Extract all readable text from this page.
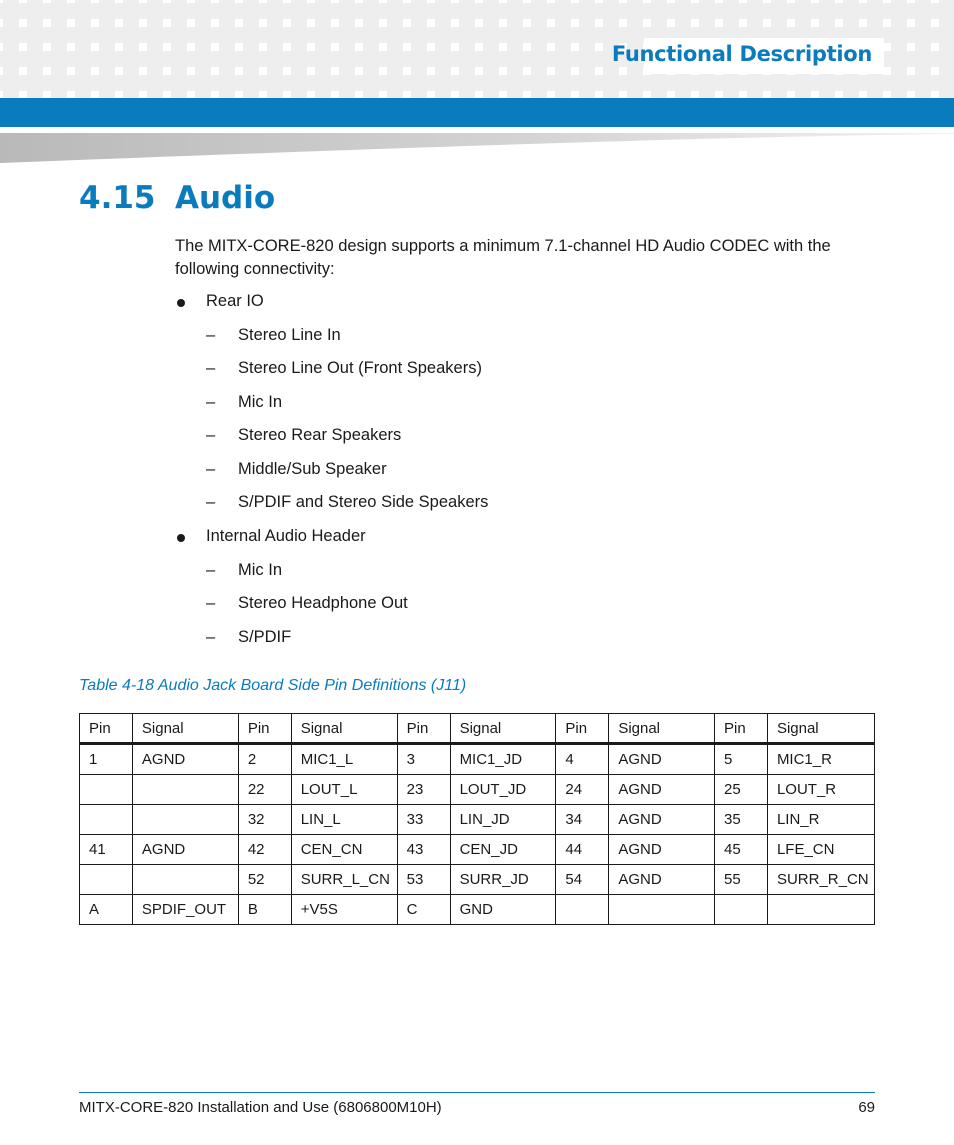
Functional Description
4.15 Audio
The MITX-CORE-820 design supports a minimum 7.1-channel HD Audio CODEC with the following connectivity:
Rear IO
– Stereo Line In
– Stereo Line Out (Front Speakers)
– Mic In
– Stereo Rear Speakers
– Middle/Sub Speaker
– S/PDIF and Stereo Side Speakers
Internal Audio Header
– Mic In
– Stereo Headphone Out
– S/PDIF
Table 4-18 Audio Jack Board Side Pin Definitions (J11)
Pin	Signal	Pin	Signal	Pin	Signal	Pin	Signal	Pin	Signal
1	AGND	2	MIC1_L	3	MIC1_JD	4	AGND	5	MIC1_R
		22	LOUT_L	23	LOUT_JD	24	AGND	25	LOUT_R
		32	LIN_L	33	LIN_JD	34	AGND	35	LIN_R
41	AGND	42	CEN_CN	43	CEN_JD	44	AGND	45	LFE_CN
		52	SURR_L_CN	53	SURR_JD	54	AGND	55	SURR_R_CN
A	SPDIF_OUT	B	+V5S	C	GND				
MITX-CORE-820 Installation and Use (6806800M10H)	69
